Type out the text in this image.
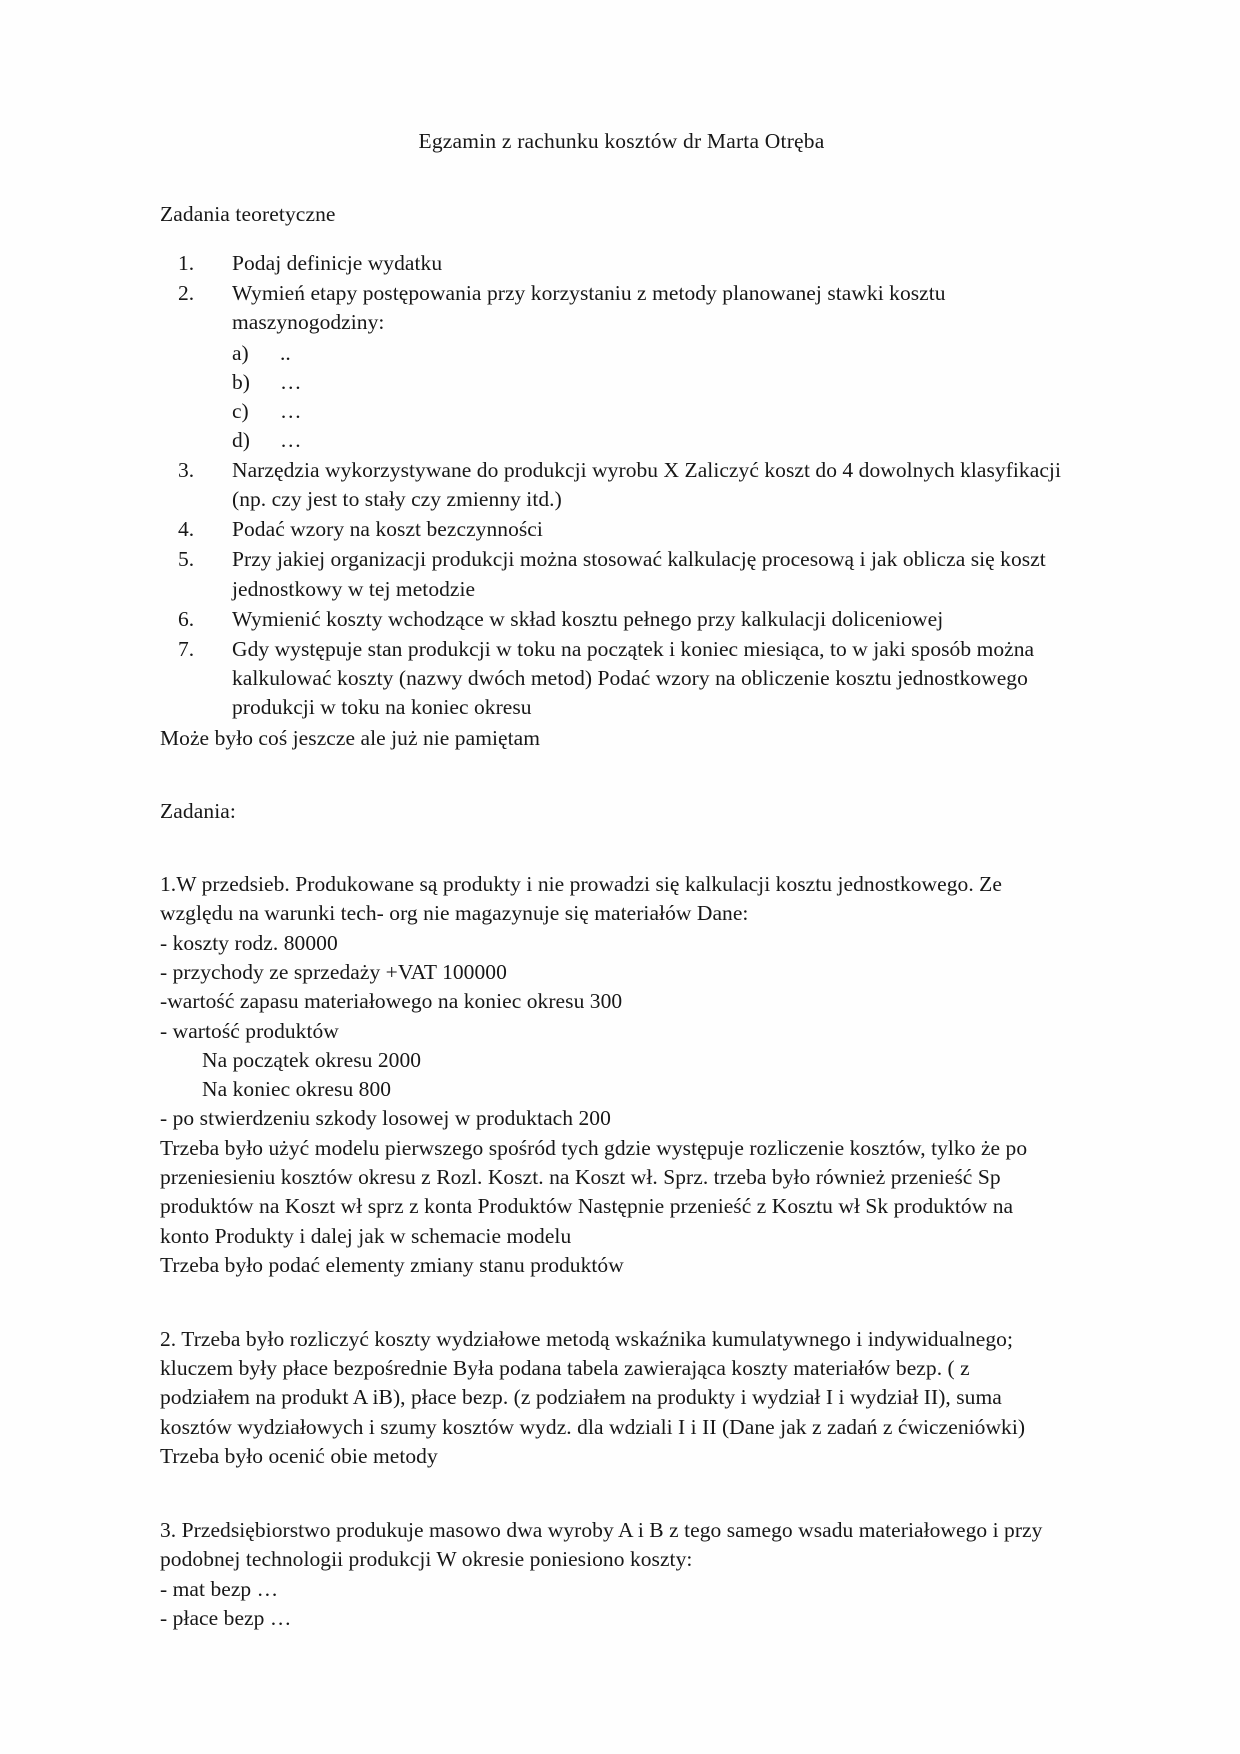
Egzamin z rachunku kosztów dr Marta Otręba
Zadania teoretyczne
1.	Podaj definicje wydatku
2.	Wymień etapy postępowania przy korzystaniu z metody planowanej stawki kosztu maszynogodziny:
a)	..
b)	…
c)	…
d)	…
3.	Narzędzia wykorzystywane do produkcji wyrobu X Zaliczyć koszt do 4 dowolnych klasyfikacji (np. czy jest to stały czy zmienny itd.)
4.	Podać wzory na koszt bezczynności
5.	Przy jakiej organizacji produkcji można stosować kalkulację procesową i jak oblicza się koszt jednostkowy w tej metodzie
6.	Wymienić koszty wchodzące w skład kosztu pełnego przy kalkulacji doliceniowej
7.	Gdy występuje stan produkcji w toku na początek i koniec miesiąca, to w jaki sposób można kalkulować koszty (nazwy dwóch metod) Podać wzory na obliczenie kosztu jednostkowego produkcji w toku na koniec okresu
Może było coś jeszcze ale już nie pamiętam
Zadania:
1.W przedsieb. Produkowane są produkty i nie prowadzi się kalkulacji kosztu jednostkowego. Ze względu na warunki tech- org nie magazynuje się materiałów Dane:
- koszty rodz. 80000
- przychody ze sprzedaży +VAT 100000
-wartość zapasu materiałowego na koniec okresu 300
- wartość produktów
Na początek okresu 2000
Na koniec okresu 800
- po stwierdzeniu szkody losowej w produktach 200
Trzeba było użyć modelu pierwszego spośród tych gdzie występuje rozliczenie kosztów, tylko że po przeniesieniu kosztów okresu z Rozl. Koszt. na Koszt wł. Sprz. trzeba było również przenieść Sp produktów na Koszt wł sprz z konta Produktów Następnie przenieść z Kosztu wł Sk produktów na konto Produkty i dalej jak w schemacie modelu
Trzeba było podać elementy zmiany stanu produktów
2. Trzeba było rozliczyć koszty wydziałowe metodą wskaźnika kumulatywnego i indywidualnego; kluczem były płace bezpośrednie Była podana tabela zawierająca koszty materiałów bezp. ( z podziałem na produkt A iB), płace bezp. (z podziałem na produkty i wydział I i wydział II), suma kosztów wydziałowych i szumy kosztów wydz. dla wdziali I i II (Dane jak z zadań z ćwiczeniówki) Trzeba było ocenić obie metody
3. Przedsiębiorstwo produkuje masowo dwa wyroby A i B z tego samego wsadu materiałowego i przy podobnej technologii produkcji W okresie poniesiono koszty:
- mat bezp …
- płace bezp …
